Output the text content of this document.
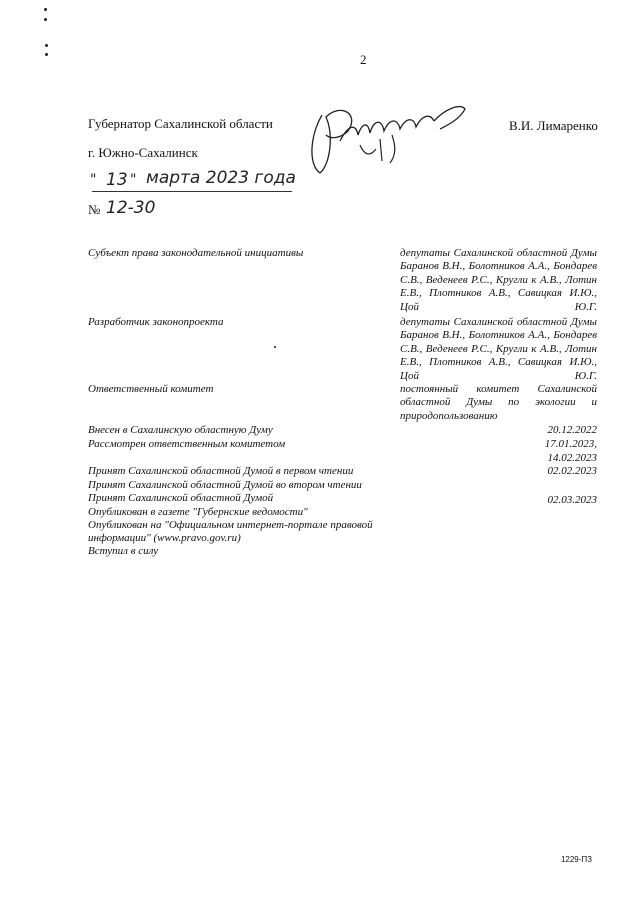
2
Губернатор Сахалинской области	В.И. Лимаренко
г. Южно-Сахалинск
" 13 " марта 2023 года
№ 12-30
Субъект права законодательной инициативы	депутаты Сахалинской областной Думы Баранов В.Н., Болотников А.А., Бондарев С.В., Веденеев Р.С., Кругли к А.В., Лотин Е.В., Плотников А.В., Савицкая И.Ю., Цой Ю.Г.
Разработчик законопроекта	депутаты Сахалинской областной Думы Баранов В.Н., Болотников А.А., Бондарев С.В., Веденеев Р.С., Кругли к А.В., Лотин Е.В., Плотников А.В., Савицкая И.Ю., Цой Ю.Г.
Ответственный комитет	постоянный комитет Сахалинской областной Думы по экологии и природопользованию
Внесен в Сахалинскую областную Думу	20.12.2022
Рассмотрен ответственным комитетом	17.01.2023,
14.02.2023
Принят Сахалинской областной Думой в первом чтении	02.02.2023
Принят Сахалинской областной Думой во втором чтении
Принят Сахалинской областной Думой	02.03.2023
Опубликован в газете "Губернские ведомости"
Опубликован на "Официальном интернет-портале правовой
информации" (www.pravo.gov.ru)
Вступил в силу
1229-ПЗ
